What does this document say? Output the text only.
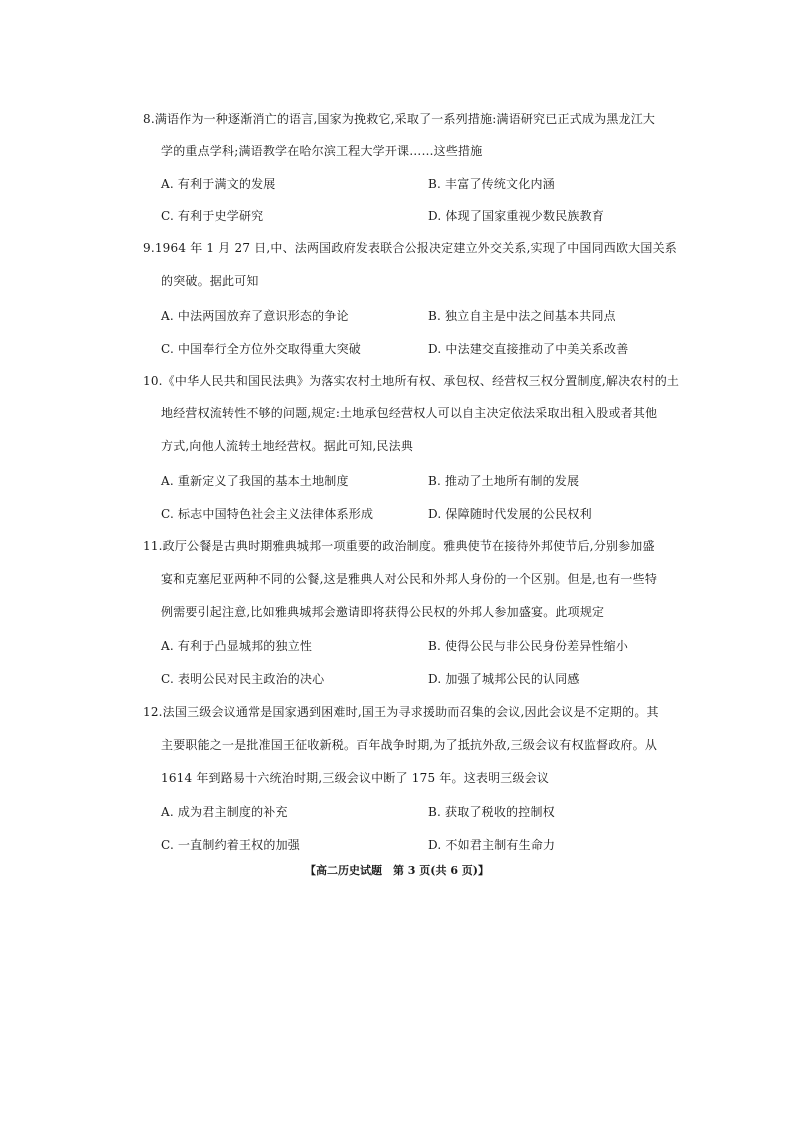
8.满语作为一种逐渐消亡的语言,国家为挽救它,采取了一系列措施:满语研究已正式成为黑龙江大
学的重点学科;满语教学在哈尔滨工程大学开课……这些措施
A. 有利于满文的发展	B. 丰富了传统文化内涵
C. 有利于史学研究	D. 体现了国家重视少数民族教育
9.1964 年 1 月 27 日,中、法两国政府发表联合公报决定建立外交关系,实现了中国同西欧大国关系
的突破。据此可知
A. 中法两国放弃了意识形态的争论	B. 独立自主是中法之间基本共同点
C. 中国奉行全方位外交取得重大突破	D. 中法建交直接推动了中美关系改善
10.《中华人民共和国民法典》为落实农村土地所有权、承包权、经营权三权分置制度,解决农村的土
地经营权流转性不够的问题,规定:土地承包经营权人可以自主决定依法采取出租入股或者其他
方式,向他人流转土地经营权。据此可知,民法典
A. 重新定义了我国的基本土地制度	B. 推动了土地所有制的发展
C. 标志中国特色社会主义法律体系形成	D. 保障随时代发展的公民权利
11.政厅公餐是古典时期雅典城邦一项重要的政治制度。雅典使节在接待外邦使节后,分别参加盛
宴和克塞尼亚两种不同的公餐,这是雅典人对公民和外邦人身份的一个区别。但是,也有一些特
例需要引起注意,比如雅典城邦会邀请即将获得公民权的外邦人参加盛宴。此项规定
A. 有利于凸显城邦的独立性	B. 使得公民与非公民身份差异性缩小
C. 表明公民对民主政治的决心	D. 加强了城邦公民的认同感
12.法国三级会议通常是国家遇到困难时,国王为寻求援助而召集的会议,因此会议是不定期的。其
主要职能之一是批准国王征收新税。百年战争时期,为了抵抗外敌,三级会议有权监督政府。从
1614 年到路易十六统治时期,三级会议中断了 175 年。这表明三级会议
A. 成为君主制度的补充	B. 获取了税收的控制权
C. 一直制约着王权的加强	D. 不如君主制有生命力
【高二历史试题　第 3 页(共 6 页)】
